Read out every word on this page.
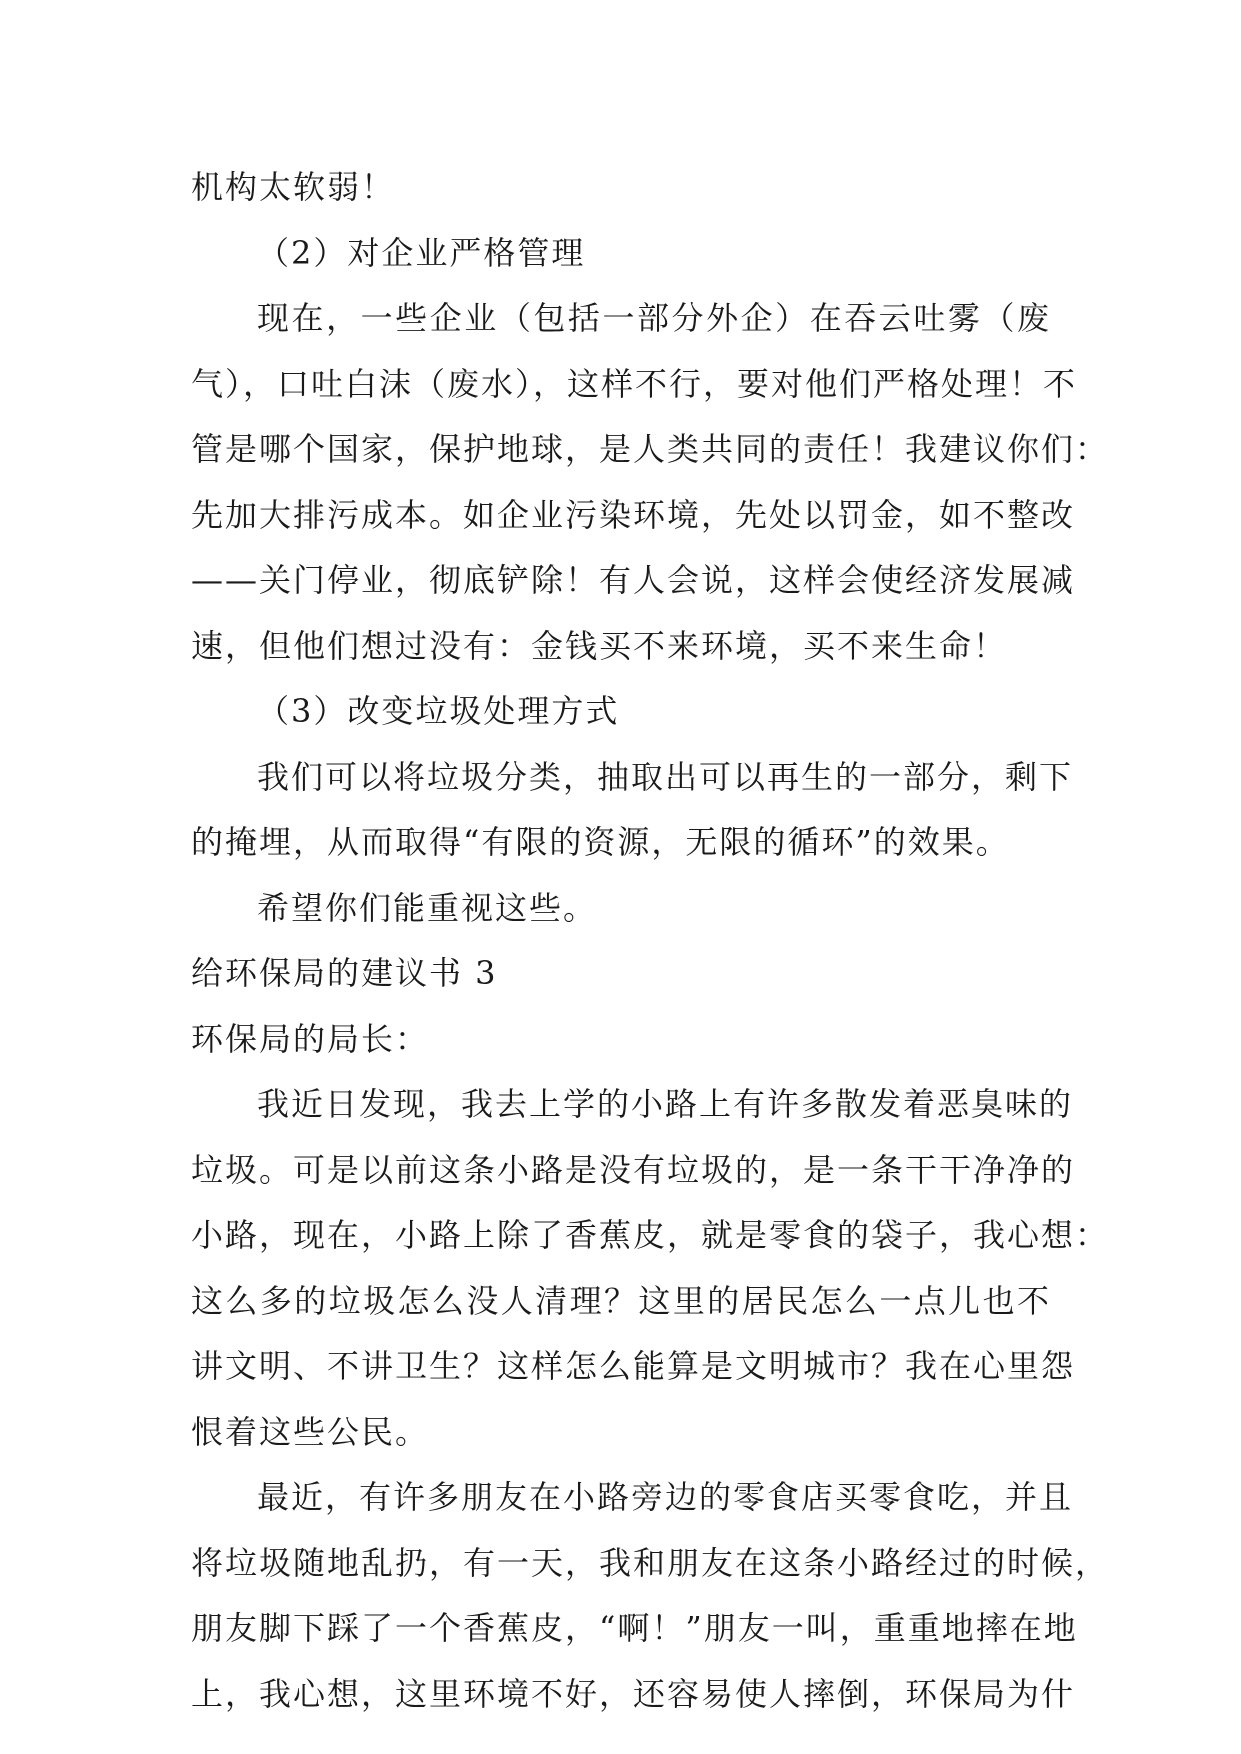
机构太软弱！

（2）对企业严格管理

现在，一些企业（包括一部分外企）在吞云吐雾（废

气），口吐白沫（废水），这样不行，要对他们严格处理！不

管是哪个国家，保护地球，是人类共同的责任！我建议你们：

先加大排污成本。如企业污染环境，先处以罚金，如不整改

——关门停业，彻底铲除！有人会说，这样会使经济发展减

速，但他们想过没有：金钱买不来环境，买不来生命！

（3）改变垃圾处理方式

我们可以将垃圾分类，抽取出可以再生的一部分，剩下

的掩埋，从而取得“有限的资源，无限的循环”的效果。

希望你们能重视这些。

给环保局的建议书 3

环保局的局长：

我近日发现，我去上学的小路上有许多散发着恶臭味的

垃圾。可是以前这条小路是没有垃圾的，是一条干干净净的

小路，现在，小路上除了香蕉皮，就是零食的袋子，我心想：

这么多的垃圾怎么没人清理？这里的居民怎么一点儿也不

讲文明、不讲卫生？这样怎么能算是文明城市？我在心里怨

恨着这些公民。

最近，有许多朋友在小路旁边的零食店买零食吃，并且

将垃圾随地乱扔，有一天，我和朋友在这条小路经过的时候，

朋友脚下踩了一个香蕉皮，“啊！”朋友一叫，重重地摔在地

上，我心想，这里环境不好，还容易使人摔倒，环保局为什
